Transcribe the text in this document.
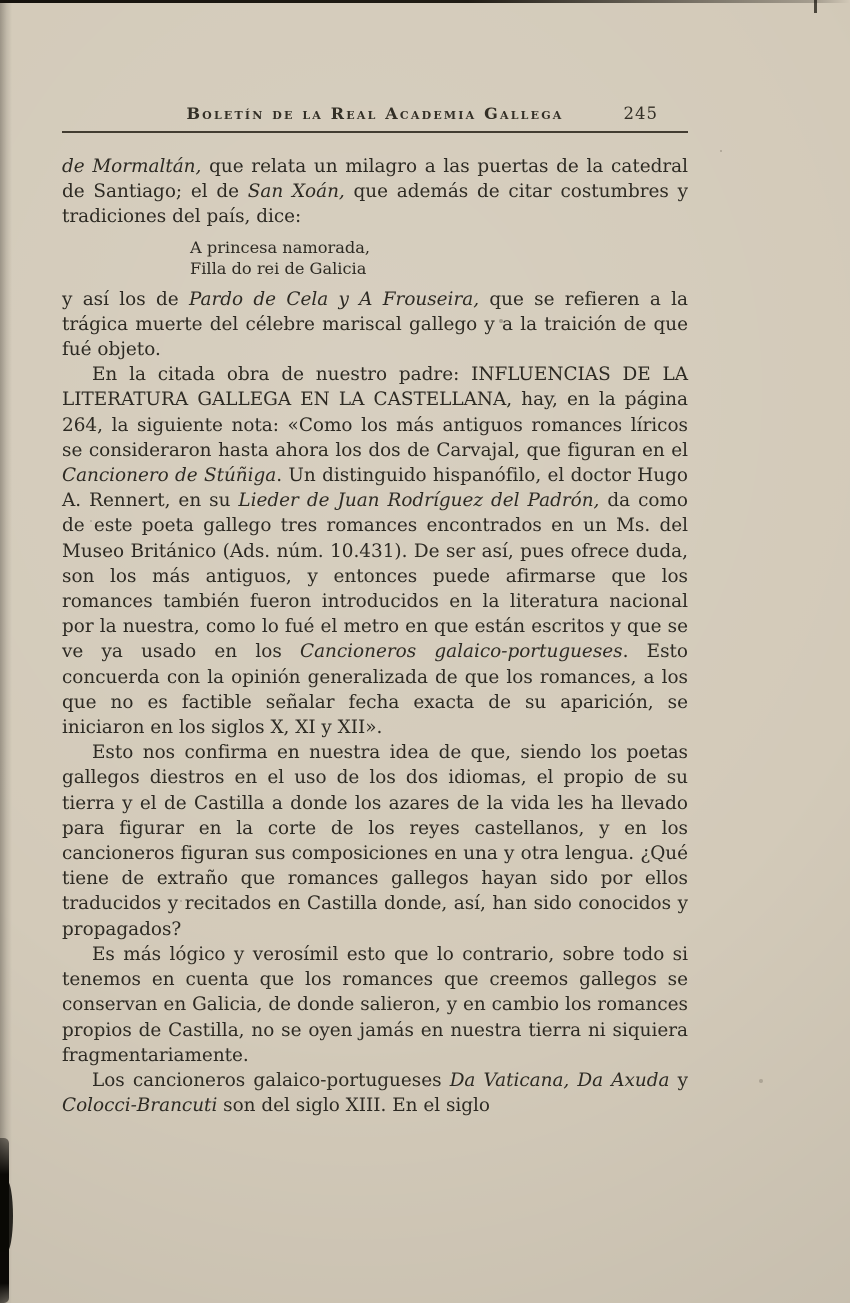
Boletín de la Real Academia Gallega	245

de Mormaltán, que relata un milagro a las puertas de la catedral de Santiago; el de San Xoán, que además de citar costumbres y tradiciones del país, dice:

A princesa namorada,
Filla do rei de Galicia

y así los de Pardo de Cela y A Frouseira, que se refieren a la trágica muerte del célebre mariscal gallego y a la traición de que fué objeto.

En la citada obra de nuestro padre: INFLUENCIAS DE LA LITERATURA GALLEGA EN LA CASTELLANA, hay, en la página 264, la siguiente nota: «Como los más antiguos romances líricos se consideraron hasta ahora los dos de Carvajal, que figuran en el Cancionero de Stúñiga. Un distinguido hispanófilo, el doctor Hugo A. Rennert, en su Lieder de Juan Rodríguez del Padrón, da como de este poeta gallego tres romances encontrados en un Ms. del Museo Británico (Ads. núm. 10.431). De ser así, pues ofrece duda, son los más antiguos, y entonces puede afirmarse que los romances también fueron introducidos en la literatura nacional por la nuestra, como lo fué el metro en que están escritos y que se ve ya usado en los Cancioneros galaico-portugueses. Esto concuerda con la opinión generalizada de que los romances, a los que no es factible señalar fecha exacta de su aparición, se iniciaron en los siglos X, XI y XII».

Esto nos confirma en nuestra idea de que, siendo los poetas gallegos diestros en el uso de los dos idiomas, el propio de su tierra y el de Castilla a donde los azares de la vida les ha llevado para figurar en la corte de los reyes castellanos, y en los cancioneros figuran sus composiciones en una y otra lengua. ¿Qué tiene de extraño que romances gallegos hayan sido por ellos traducidos y recitados en Castilla donde, así, han sido conocidos y propagados?

Es más lógico y verosímil esto que lo contrario, sobre todo si tenemos en cuenta que los romances que creemos gallegos se conservan en Galicia, de donde salieron, y en cambio los romances propios de Castilla, no se oyen jamás en nuestra tierra ni siquiera fragmentariamente.

Los cancioneros galaico-portugueses Da Vaticana, Da Axuda y Colocci-Brancuti son del siglo XIII. En el siglo
